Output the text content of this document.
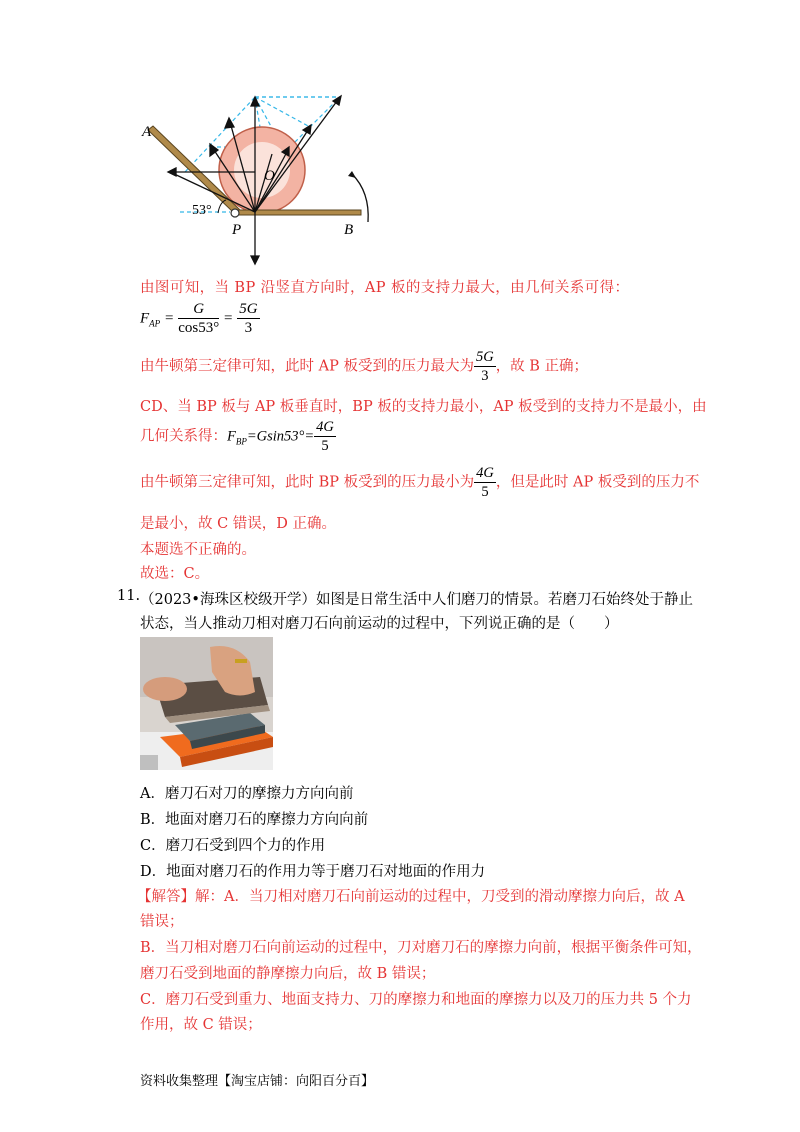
A
O
P	B
53°
由图可知，当 BP 沿竖直方向时，AP 板的支持力最大，由几何关系可得：
$F_{AP} = \frac{G}{\cos 53^\circ} = \frac{5G}{3}$
由牛顿第三定律可知，此时 AP 板受到的压力最大为 $\frac{5G}{3}$ ，故 B 正确；
CD、当 BP 板与 AP 板垂直时，BP 板的支持力最小，AP 板受到的支持力不是最小，由
几何关系得：$F_{BP}=Gsin53^\circ= \frac{4G}{5}$
由牛顿第三定律可知，此时 BP 板受到的压力最小为 $\frac{4G}{5}$ ，但是此时 AP 板受到的压力不
是最小，故 C 错误，D 正确。
本题选不正确的。
故选：C。
11. （2023•海珠区校级开学）如图是日常生活中人们磨刀的情景。若磨刀石始终处于静止
状态，当人推动刀相对磨刀石向前运动的过程中，下列说正确的是（　　）
A．磨刀石对刀的摩擦力方向向前
B．地面对磨刀石的摩擦力方向向前
C．磨刀石受到四个力的作用
D．地面对磨刀石的作用力等于磨刀石对地面的作用力
【解答】解：A．当刀相对磨刀石向前运动的过程中，刀受到的滑动摩擦力向后，故 A
错误；
B．当刀相对磨刀石向前运动的过程中，刀对磨刀石的摩擦力向前，根据平衡条件可知，
磨刀石受到地面的静摩擦力向后，故 B 错误；
C．磨刀石受到重力、地面支持力、刀的摩擦力和地面的摩擦力以及刀的压力共 5 个力
作用，故 C 错误；
资料收集整理【淘宝店铺：向阳百分百】
